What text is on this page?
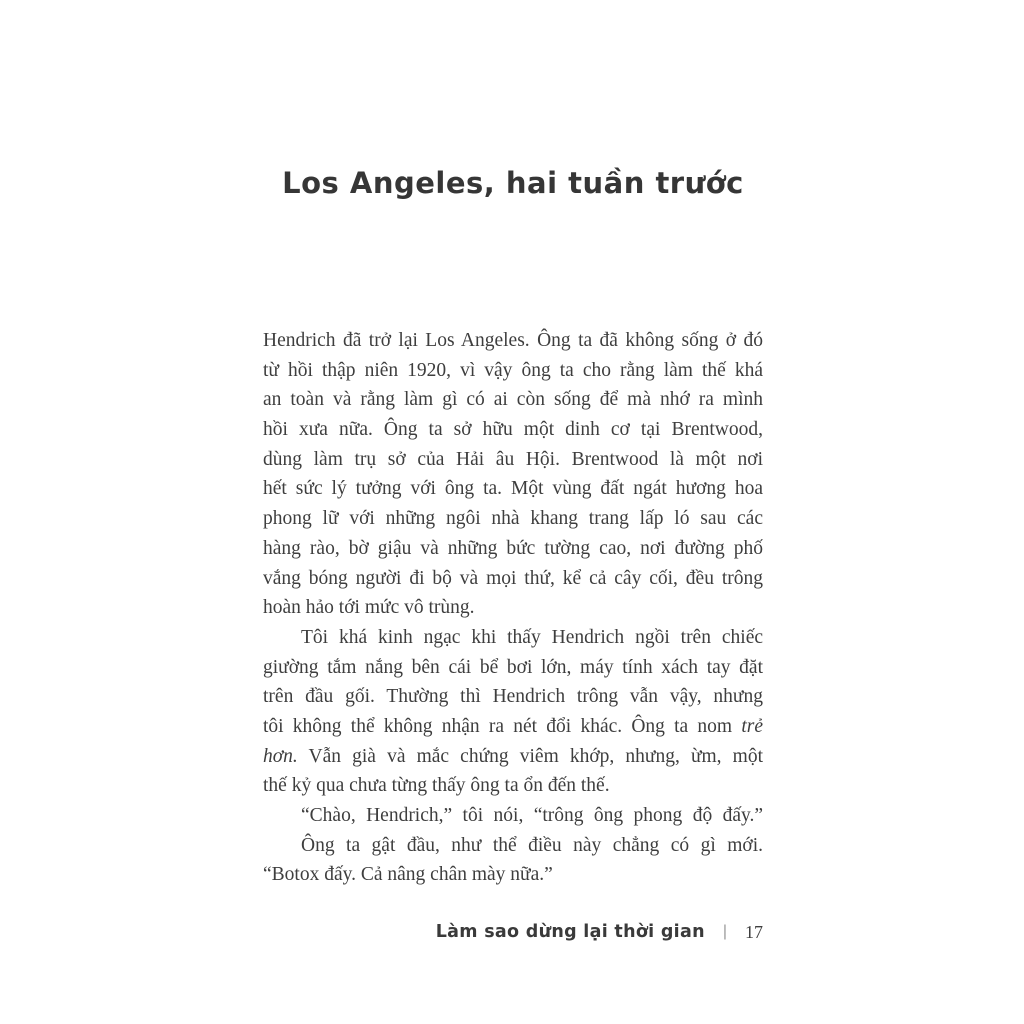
Los Angeles, hai tuần trước
Hendrich đã trở lại Los Angeles. Ông ta đã không sống ở đó
từ hồi thập niên 1920, vì vậy ông ta cho rằng làm thế khá
an toàn và rằng làm gì có ai còn sống để mà nhớ ra mình
hồi xưa nữa. Ông ta sở hữu một dinh cơ tại Brentwood,
dùng làm trụ sở của Hải âu Hội. Brentwood là một nơi
hết sức lý tưởng với ông ta. Một vùng đất ngát hương hoa
phong lữ với những ngôi nhà khang trang lấp ló sau các
hàng rào, bờ giậu và những bức tường cao, nơi đường phố
vắng bóng người đi bộ và mọi thứ, kể cả cây cối, đều trông
hoàn hảo tới mức vô trùng.
Tôi khá kinh ngạc khi thấy Hendrich ngồi trên chiếc
giường tắm nắng bên cái bể bơi lớn, máy tính xách tay đặt
trên đầu gối. Thường thì Hendrich trông vẫn vậy, nhưng
tôi không thể không nhận ra nét đổi khác. Ông ta nom trẻ
hơn. Vẫn già và mắc chứng viêm khớp, nhưng, ừm, một
thế kỷ qua chưa từng thấy ông ta ổn đến thế.
“Chào, Hendrich,” tôi nói, “trông ông phong độ đấy.”
Ông ta gật đầu, như thể điều này chẳng có gì mới.
“Botox đấy. Cả nâng chân mày nữa.”
Làm sao dừng lại thời gian | 17
